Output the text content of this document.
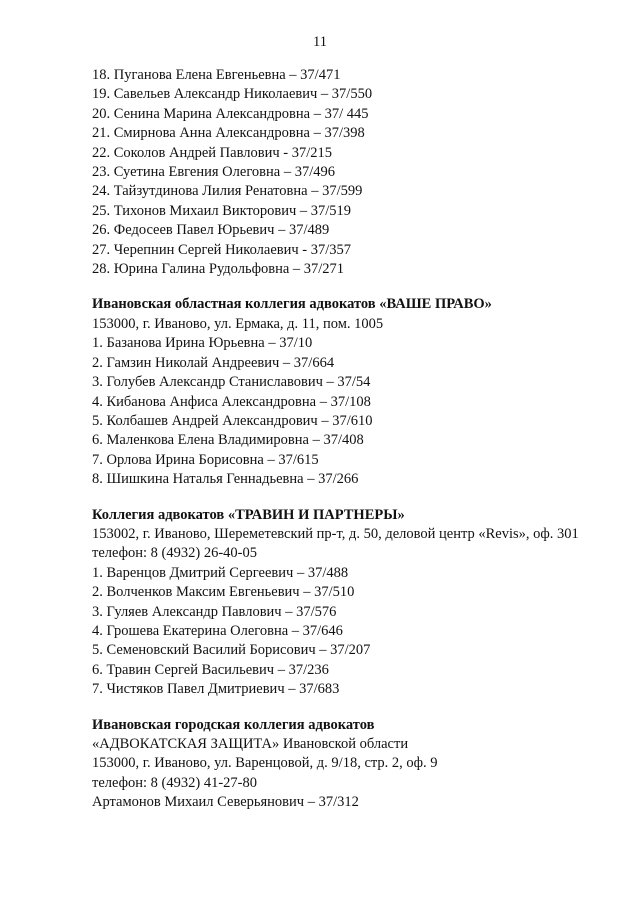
11
18. Пуганова Елена Евгеньевна – 37/471
19. Савельев Александр Николаевич – 37/550
20. Сенина Марина Александровна – 37/ 445
21. Смирнова Анна Александровна – 37/398
22. Соколов Андрей Павлович - 37/215
23. Суетина Евгения Олеговна – 37/496
24. Тайзутдинова Лилия Ренатовна – 37/599
25. Тихонов Михаил Викторович – 37/519
26. Федосеев Павел Юрьевич – 37/489
27. Черепнин Сергей Николаевич - 37/357
28. Юрина Галина Рудольфовна – 37/271
Ивановская областная коллегия адвокатов «ВАШЕ ПРАВО»
153000, г. Иваново, ул. Ермака, д. 11, пом. 1005
1. Базанова Ирина Юрьевна – 37/10
2. Гамзин Николай Андреевич – 37/664
3. Голубев Александр Станиславович – 37/54
4. Кибанова Анфиса Александровна – 37/108
5. Колбашев Андрей Александрович – 37/610
6. Маленкова Елена Владимировна – 37/408
7. Орлова Ирина Борисовна – 37/615
8. Шишкина Наталья Геннадьевна – 37/266
Коллегия адвокатов «ТРАВИН И ПАРТНЕРЫ»
153002, г. Иваново, Шереметевский пр-т, д. 50, деловой центр «Revis», оф. 301
телефон: 8 (4932) 26-40-05
1. Варенцов Дмитрий Сергеевич – 37/488
2. Волченков Максим Евгеньевич – 37/510
3. Гуляев Александр Павлович – 37/576
4. Грошева Екатерина Олеговна – 37/646
5. Семеновский Василий Борисович – 37/207
6. Травин Сергей Васильевич – 37/236
7. Чистяков Павел Дмитриевич – 37/683
Ивановская городская коллегия адвокатов
«АДВОКАТСКАЯ ЗАЩИТА» Ивановской области
153000, г. Иваново, ул. Варенцовой, д. 9/18, стр. 2, оф. 9
телефон: 8 (4932) 41-27-80
Артамонов Михаил Северьянович – 37/312
